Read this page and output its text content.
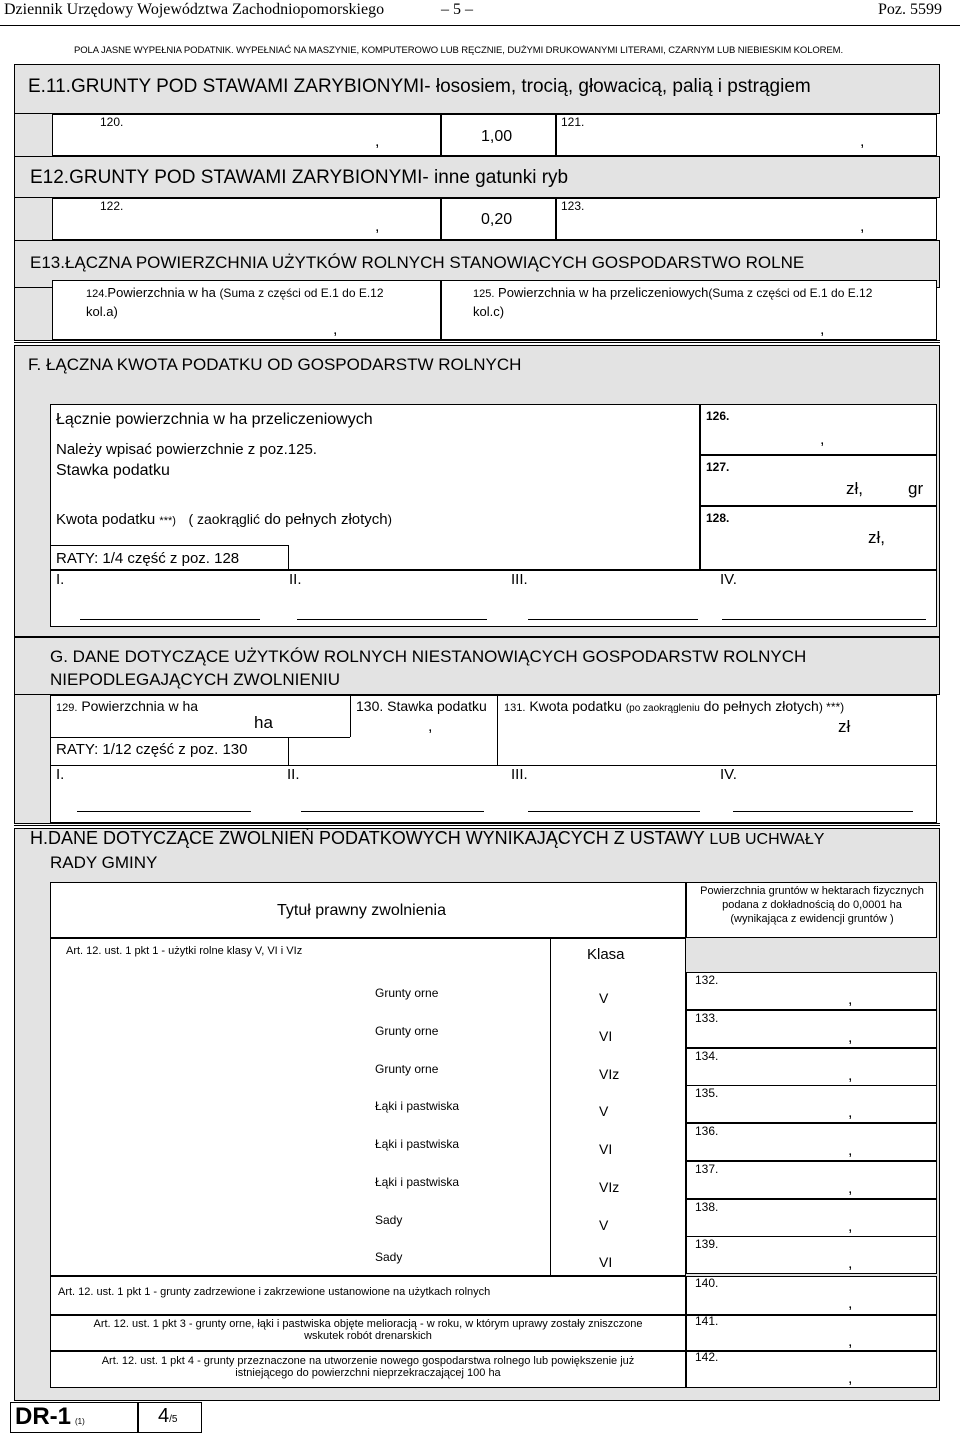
Dziennik Urzędowy Województwa Zachodniopomorskiego	– 5 –	Poz. 5599
POLA JASNE WYPEŁNIA PODATNIK. WYPEŁNIAĆ NA MASZYNIE, KOMPUTEROWO LUB RĘCZNIE, DUŻYMI DRUKOWANYMI LITERAMI, CZARNYM LUB NIEBIESKIM KOLOREM.
E.11.GRUNTY POD STAWAMI ZARYBIONYMI- łososiem, trocią, głowacicą, palią i pstrągiem
120.
,	1,00
121.
,
E12.GRUNTY POD STAWAMI ZARYBIONYMI- inne gatunki ryb
122.
,	0,20
123.
,
E13.ŁĄCZNA POWIERZCHNIA UŻYTKÓW ROLNYCH STANOWIĄCYCH GOSPODARSTWO ROLNE
124.Powierzchnia w ha (Suma z części od E.1 do E.12
kol.a)
,
125. Powierzchnia w ha przeliczeniowych(Suma z części od E.1 do E.12
kol.c)
,
F. ŁĄCZNA KWOTA PODATKU OD GOSPODARSTW ROLNYCH
Łącznie powierzchnia w ha przeliczeniowych
Należy wpisać powierzchnie z poz.125.
Stawka podatku
Kwota podatku ***) ( zaokrąglić do pełnych złotych)
RATY: 1/4 część z poz. 128
126.
,
127.
zł,	gr
128.
zł,
I.	II.	III.	IV.
G. DANE DOTYCZĄCE UŻYTKÓW ROLNYCH NIESTANOWIĄCYCH GOSPODARSTW ROLNYCH
NIEPODLEGAJĄCYCH ZWOLNIENIU
129. Powierzchnia w ha
ha
130. Stawka podatku
,
131. Kwota podatku (po zaokrągleniu do pełnych złotych) ***)
zł
RATY: 1/12 część z poz. 130
I.	II.	III.	IV.
H.DANE DOTYCZĄCE ZWOLNIEŃ PODATKOWYCH WYNIKAJĄCYCH Z USTAWY LUB UCHWAŁY
RADY GMINY
Tytuł prawny zwolnienia
Powierzchnia gruntów w hektarach fizycznych podana z dokładnością do 0,0001 ha (wynikająca z ewidencji gruntów )
Art. 12. ust. 1 pkt 1 - użytki rolne klasy V, VI i VIz	Klasa
Grunty orne	V
132.
,
Grunty orne	VI
133.
,
Grunty orne	VIz
134.
,
Łąki i pastwiska	V
135.
,
Łąki i pastwiska	VI
136.
,
Łąki i pastwiska	VIz
137.
,
Sady	V
138.
,
Sady	VI
139.
,
Art. 12. ust. 1 pkt 1 - grunty zadrzewione i zakrzewione ustanowione na użytkach rolnych
Art. 12. ust. 1 pkt 3 - grunty orne, łąki i pastwiska objęte melioracją - w roku, w którym uprawy zostały zniszczone
wskutek robót drenarskich
Art. 12. ust. 1 pkt 4 - grunty przeznaczone na utworzenie nowego gospodarstwa rolnego lub powiększenie już
istniejącego do powierzchni nieprzekraczającej 100 ha
140.
,
141.
,
142.
,
DR-1 (1)	4/5
